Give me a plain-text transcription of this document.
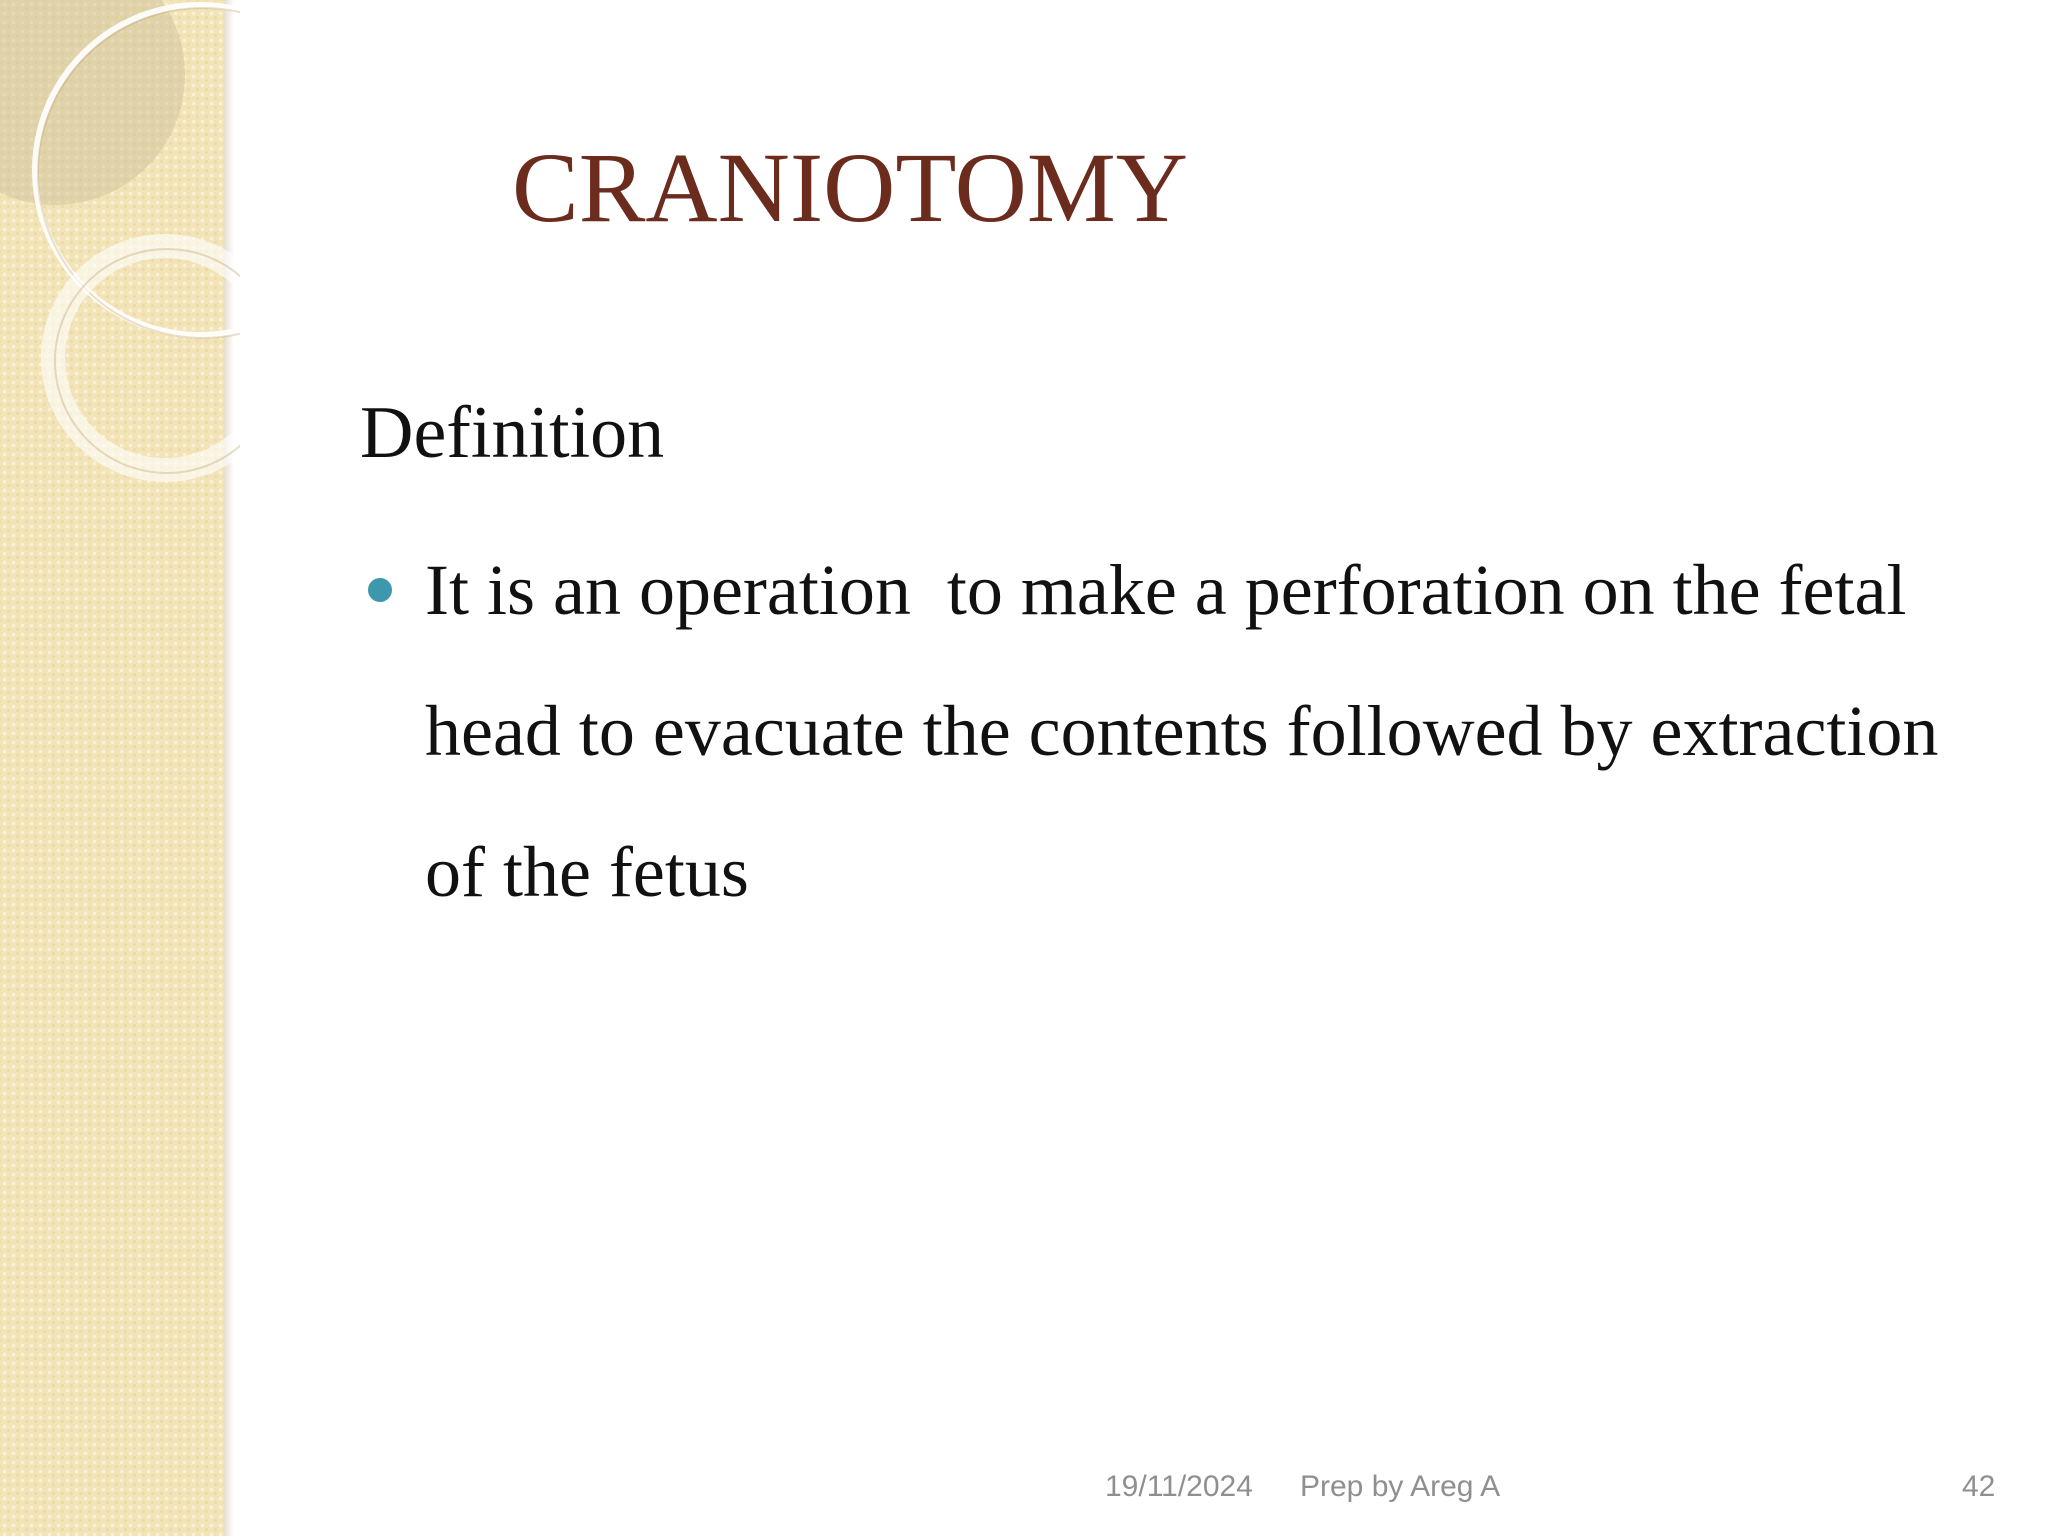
CRANIOTOMY
Definition
It is an operation  to make a perforation on the fetal head to evacuate the contents followed by extraction of the fetus
19/11/2024 Prep by Areg A	42
